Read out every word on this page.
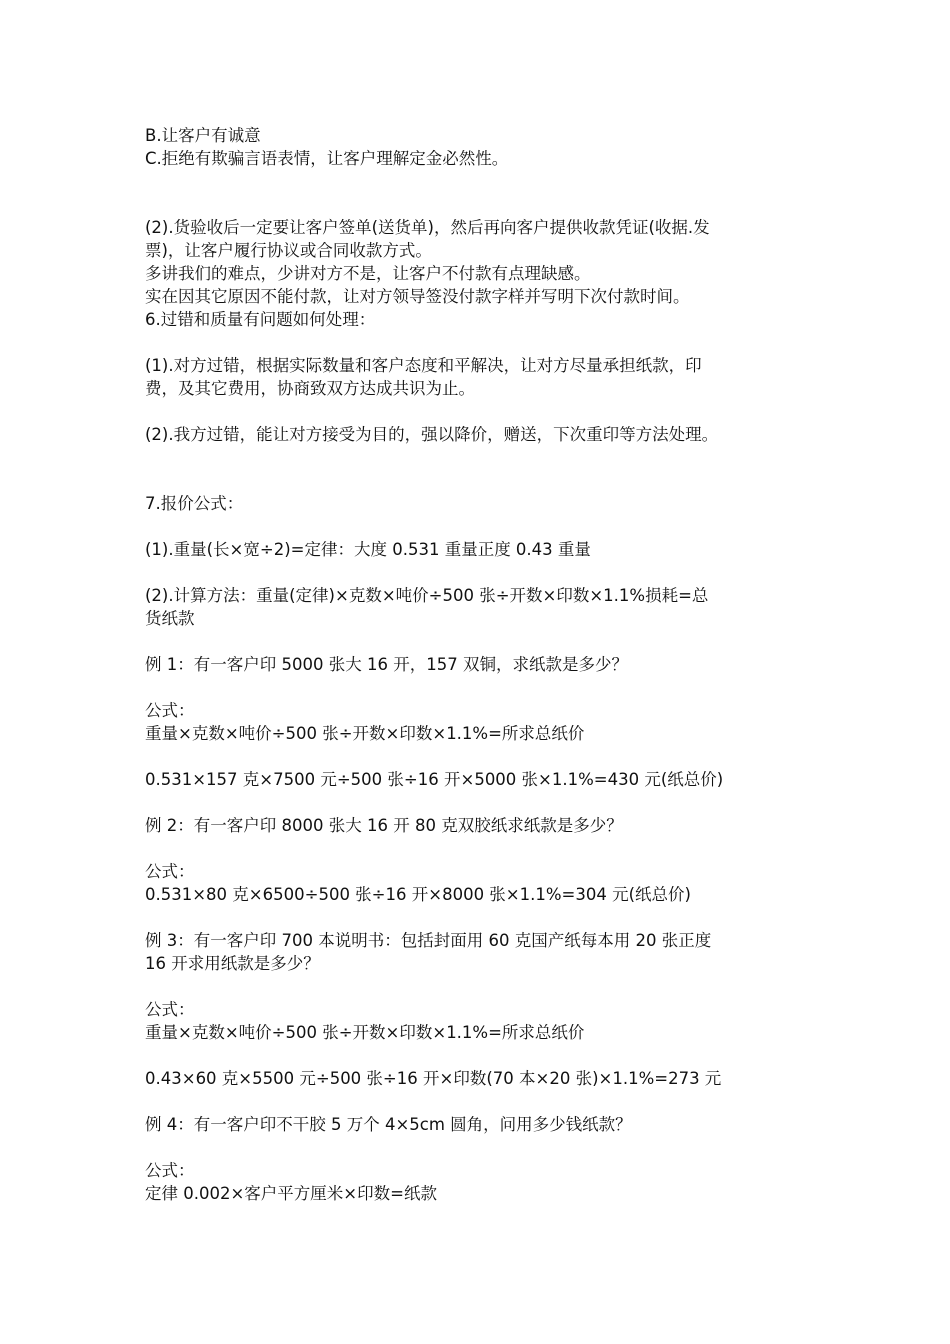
B.让客户有诚意
C.拒绝有欺骗言语表情，让客户理解定金必然性。
(2).货验收后一定要让客户签单(送货单)，然后再向客户提供收款凭证(收据.发
票)，让客户履行协议或合同收款方式。
多讲我们的难点，少讲对方不是，让客户不付款有点理缺感。
实在因其它原因不能付款，让对方领导签没付款字样并写明下次付款时间。
6.过错和质量有问题如何处理：
(1).对方过错，根据实际数量和客户态度和平解决，让对方尽量承担纸款，印
费，及其它费用，协商致双方达成共识为止。
(2).我方过错，能让对方接受为目的，强以降价，赠送，下次重印等方法处理。
7.报价公式：
(1).重量(长×宽÷2)=定律：大度 0.531 重量正度 0.43 重量
(2).计算方法：重量(定律)×克数×吨价÷500 张÷开数×印数×1.1%损耗=总
货纸款
例 1：有一客户印 5000 张大 16 开，157 双铜，求纸款是多少？
公式：
重量×克数×吨价÷500 张÷开数×印数×1.1%=所求总纸价
0.531×157 克×7500 元÷500 张÷16 开×5000 张×1.1%=430 元(纸总价)
例 2：有一客户印 8000 张大 16 开 80 克双胶纸求纸款是多少？
公式：
0.531×80 克×6500÷500 张÷16 开×8000 张×1.1%=304 元(纸总价)
例 3：有一客户印 700 本说明书：包括封面用 60 克国产纸每本用 20 张正度
16 开求用纸款是多少？
公式：
重量×克数×吨价÷500 张÷开数×印数×1.1%=所求总纸价
0.43×60 克×5500 元÷500 张÷16 开×印数(70 本×20 张)×1.1%=273 元
例 4：有一客户印不干胶 5 万个 4×5cm 圆角，问用多少钱纸款？
公式：
定律 0.002×客户平方厘米×印数=纸款
